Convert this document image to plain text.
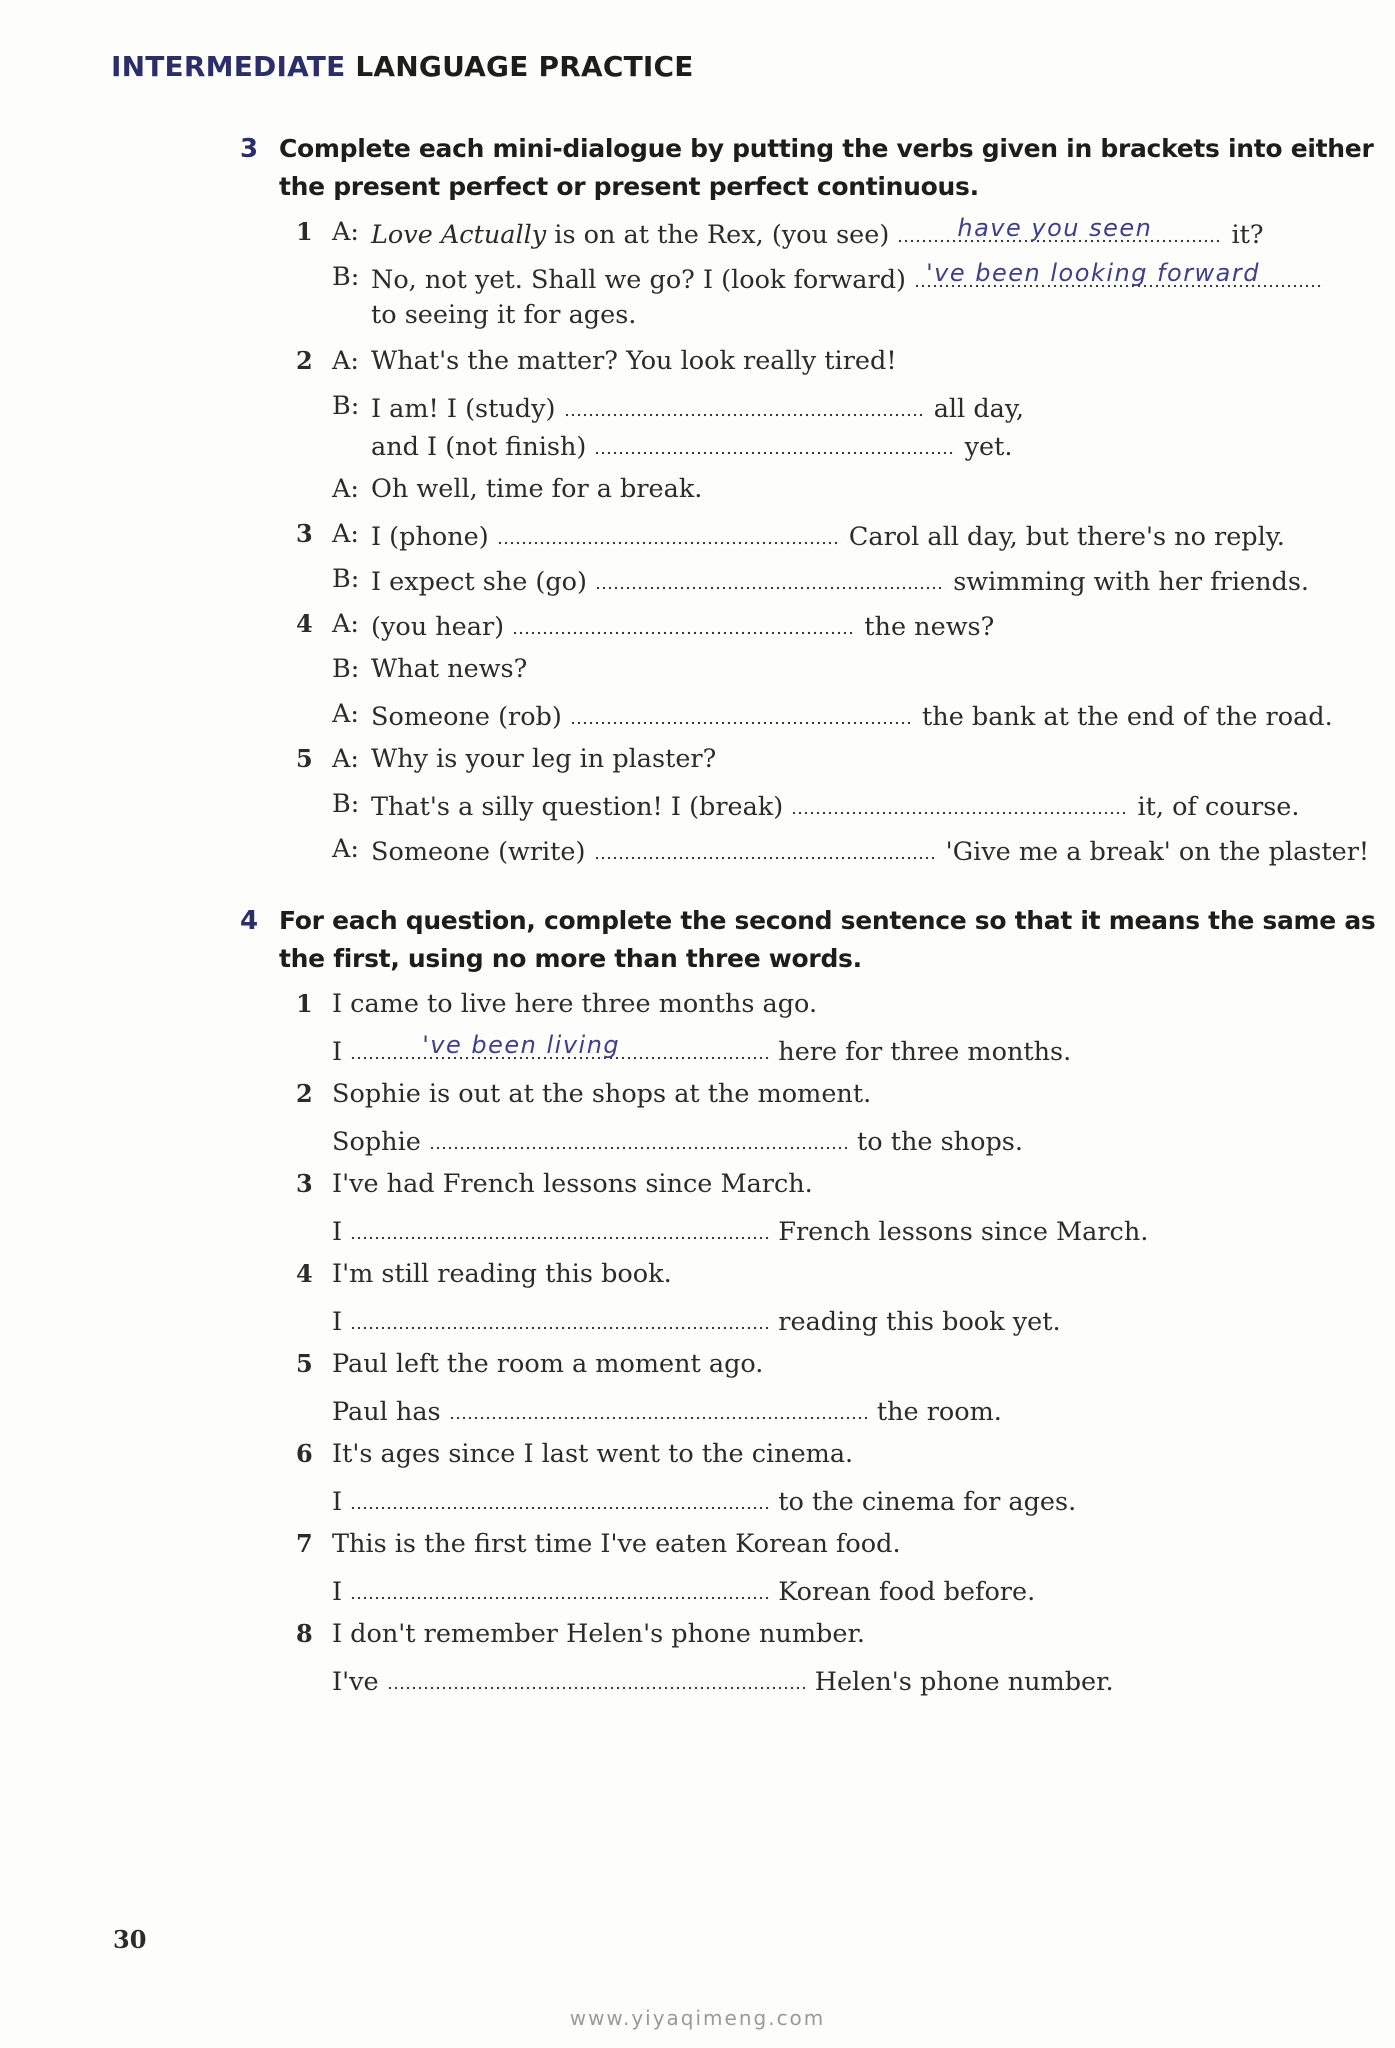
INTERMEDIATE LANGUAGE PRACTICE
3 Complete each mini-dialogue by putting the verbs given in brackets into either
the present perfect or present perfect continuous.
1 A: Love Actually is on at the Rex, (you see)	have you seen	it?
B: No, not yet. Shall we go? I (look forward) 've been looking forward
to seeing it for ages.
2 A: What's the matter? You look really tired!
B: I am! I (study)	all day,
and I (not finish)	yet.
A: Oh well, time for a break.
3 A: I (phone)	Carol all day, but there's no reply.
B: I expect she (go)	swimming with her friends.
4 A: (you hear)	the news?
B: What news?
A: Someone (rob)	the bank at the end of the road.
5 A: Why is your leg in plaster?
B: That's a silly question! I (break)	it, of course.
A: Someone (write)	'Give me a break' on the plaster!
4 For each question, complete the second sentence so that it means the same as
the first, using no more than three words.
1 I came to live here three months ago.
I	've been living	here for three months.
2 Sophie is out at the shops at the moment.
Sophie	to the shops.
3 I've had French lessons since March.
I	French lessons since March.
4 I'm still reading this book.
I	reading this book yet.
5 Paul left the room a moment ago.
Paul has	the room.
6 It's ages since I last went to the cinema.
I	to the cinema for ages.
7 This is the first time I've eaten Korean food.
I	Korean food before.
8 I don't remember Helen's phone number.
I've	Helen's phone number.
30
www.yiyaqimeng.com
